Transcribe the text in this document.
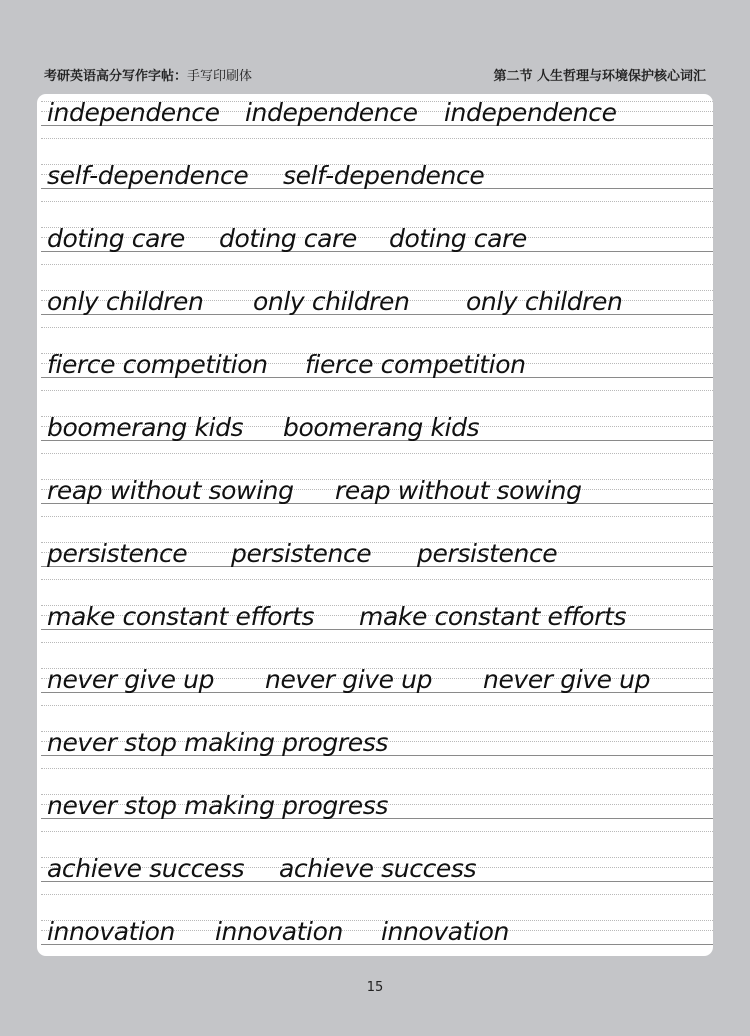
考研英语高分写作字帖：手写印刷体	第二节 人生哲理与环境保护核心词汇
independence independence independence
self-dependence self-dependence
doting care doting care doting care
only children only children only children
fierce competition fierce competition
boomerang kids boomerang kids
reap without sowing reap without sowing
persistence persistence persistence
make constant efforts make constant efforts
never give up never give up never give up
never stop making progress
never stop making progress
achieve success achieve success
innovation innovation innovation
15
